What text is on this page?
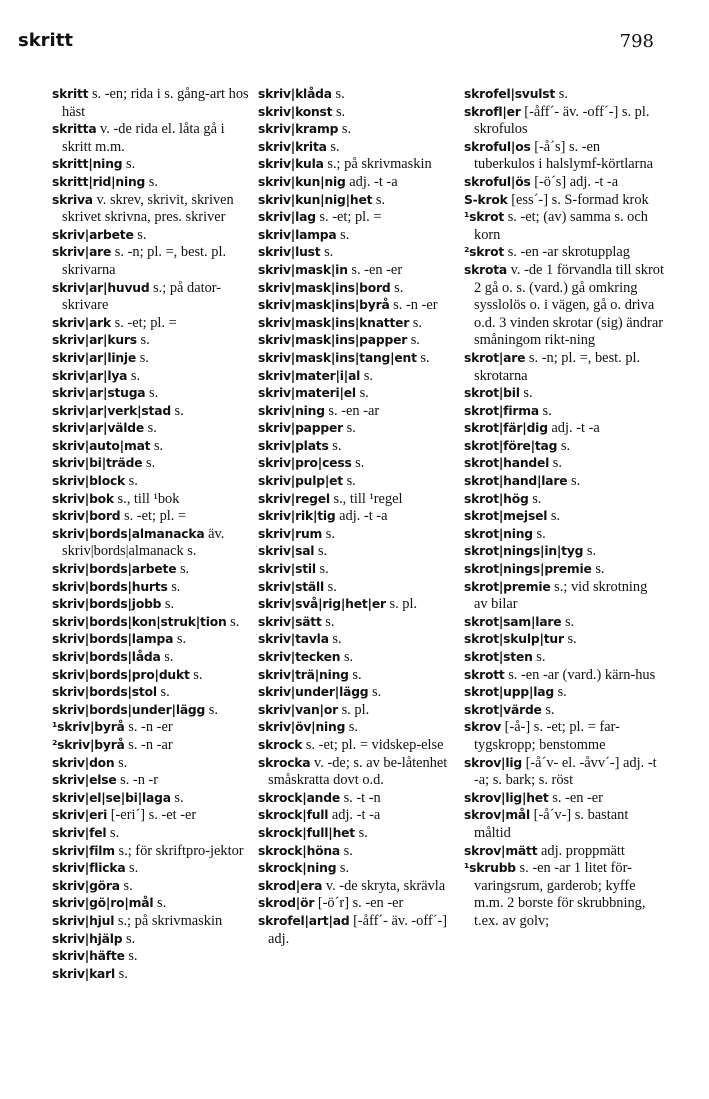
skritt	798
skritt s. -en; rida i s. gång-art hos häst
skritta v. -de rida el. låta gå i skritt m.m.
skritt|ning s.
skritt|rid|ning s.
skriva v. skrev, skrivit, skriven skrivet skrivna, pres. skriver
skriv|arbete s.
skriv|are s. -n; pl. =, best. pl. skrivarna
skriv|ar|huvud s.; på dator-skrivare
skriv|ark s. -et; pl. =
skriv|ar|kurs s.
skriv|ar|linje s.
skriv|ar|lya s.
skriv|ar|stuga s.
skriv|ar|verk|stad s.
skriv|ar|välde s.
skriv|auto|mat s.
skriv|bi|träde s.
skriv|block s.
skriv|bok s., till ¹bok
skriv|bord s. -et; pl. =
skriv|bords|almanacka äv. skriv|bords|almanack s.
skriv|bords|arbete s.
skriv|bords|hurts s.
skriv|bords|jobb s.
skriv|bords|kon|struk|tion s.
skriv|bords|lampa s.
skriv|bords|låda s.
skriv|bords|pro|dukt s.
skriv|bords|stol s.
skriv|bords|under|lägg s.
¹skriv|byrå s. -n -er
²skriv|byrå s. -n -ar
skriv|don s.
skriv|else s. -n -r
skriv|el|se|bi|laga s.
skriv|eri [-eri´] s. -et -er
skriv|fel s.
skriv|film s.; för skriftpro-jektor
skriv|flicka s.
skriv|göra s.
skriv|gö|ro|mål s.
skriv|hjul s.; på skrivmaskin
skriv|hjälp s.
skriv|häfte s.
skriv|karl s.
skriv|klåda s.
skriv|konst s.
skriv|kramp s.
skriv|krita s.
skriv|kula s.; på skrivmaskin
skriv|kun|nig adj. -t -a
skriv|kun|nig|het s.
skriv|lag s. -et; pl. =
skriv|lampa s.
skriv|lust s.
skriv|mask|in s. -en -er
skriv|mask|ins|bord s.
skriv|mask|ins|byrå s. -n -er
skriv|mask|ins|knatter s.
skriv|mask|ins|papper s.
skriv|mask|ins|tang|ent s.
skriv|mater|i|al s.
skriv|materi|el s.
skriv|ning s. -en -ar
skriv|papper s.
skriv|plats s.
skriv|pro|cess s.
skriv|pulp|et s.
skriv|regel s., till ¹regel
skriv|rik|tig adj. -t -a
skriv|rum s.
skriv|sal s.
skriv|stil s.
skriv|ställ s.
skriv|svå|rig|het|er s. pl.
skriv|sätt s.
skriv|tavla s.
skriv|tecken s.
skriv|trä|ning s.
skriv|under|lägg s.
skriv|van|or s. pl.
skriv|öv|ning s.
skrock s. -et; pl. = vidskep-else
skrocka v. -de; s. av be-låtenhet småskratta dovt o.d.
skrock|ande s. -t -n
skrock|full adj. -t -a
skrock|full|het s.
skrock|höna s.
skrock|ning s.
skrod|era v. -de skryta, skrävla
skrod|ör [-ö´r] s. -en -er
skrofel|art|ad [-åff´- äv. -off´-] adj.
skrofel|svulst s.
skrofl|er [-åff´- äv. -off´-] s. pl. skrofulos
skroful|os [-å´s] s. -en tuberkulos i halslymf-körtlarna
skroful|ös [-ö´s] adj. -t -a
S-krok [ess´-] s. S-formad krok
¹skrot s. -et; (av) samma s. och korn
²skrot s. -en -ar skrotupplag
skrota v. -de 1 förvandla till skrot 2 gå o. s. (vard.) gå omkring sysslolös o. i vägen, gå o. driva o.d. 3 vinden skrotar (sig) ändrar småningom rikt-ning
skrot|are s. -n; pl. =, best. pl. skrotarna
skrot|bil s.
skrot|firma s.
skrot|fär|dig adj. -t -a
skrot|före|tag s.
skrot|handel s.
skrot|hand|lare s.
skrot|hög s.
skrot|mejsel s.
skrot|ning s.
skrot|nings|in|tyg s.
skrot|nings|premie s.
skrot|premie s.; vid skrotning av bilar
skrot|sam|lare s.
skrot|skulp|tur s.
skrot|sten s.
skrott s. -en -ar (vard.) kärn-hus
skrot|upp|lag s.
skrot|värde s.
skrov [-å-] s. -et; pl. = far-tygskropp; benstomme
skrov|lig [-å´v- el. -åvv´-] adj. -t -a; s. bark; s. röst
skrov|lig|het s. -en -er
skrov|mål [-å´v-] s. bastant måltid
skrov|mätt adj. proppmätt
¹skrubb s. -en -ar 1 litet för-varingsrum, garderob; kyffe m.m. 2 borste för skrubbning, t.ex. av golv;
